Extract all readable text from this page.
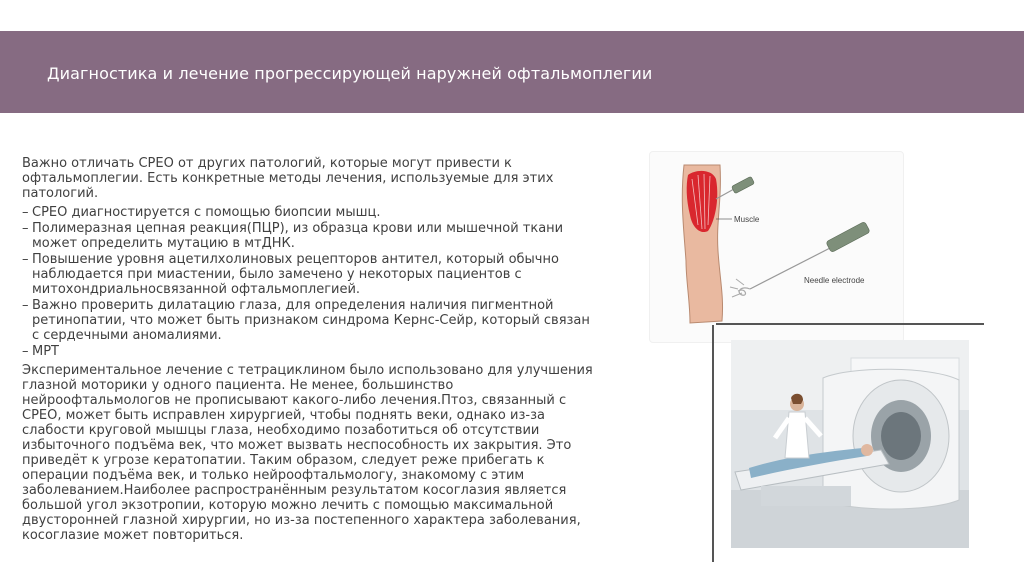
Диагностика и лечение прогрессирующей наружней офтальмоплегии

Важно отличать CPEO от других патологий, которые могут привести к офтальмоплегии. Есть конкретные методы лечения, используемые для этих патологий.

– CPEO диагностируется с помощью биопсии мышц.
– Полимеразная цепная реакция(ПЦР), из образца крови или мышечной ткани может определить мутацию в мтДНК.
– Повышение уровня ацетилхолиновых рецепторов антител, который обычно наблюдается при миастении, было замечено у некоторых пациентов с митохондриальносвязанной офтальмоплегией.
– Важно проверить дилатацию глаза, для определения наличия пигментной ретинопатии, что может быть признаком синдрома Кернс-Сейр, который связан с сердечными аномалиями.
– МРТ

Экспериментальное лечение с тетрациклином было использовано для улучшения глазной моторики у одного пациента. Не менее, большинство нейроофтальмологов не прописывают какого-либо лечения.Птоз, связанный с CPEO, может быть исправлен хирургией, чтобы поднять веки, однако из-за слабости круговой мышцы глаза, необходимо позаботиться об отсутствии избыточного подъёма век, что может вызвать неспособность их закрытия. Это приведёт к угрозе кератопатии. Таким образом, следует реже прибегать к операции подъёма век, и только нейроофтальмологу, знакомому с этим заболеванием.Наиболее распространённым результатом косоглазия является большой угол экзотропии, которую можно лечить с помощью максимальной двусторонней глазной хирургии, но из-за постепенного характера заболевания, косоглазие может повториться.

Muscle
Needle electrode
